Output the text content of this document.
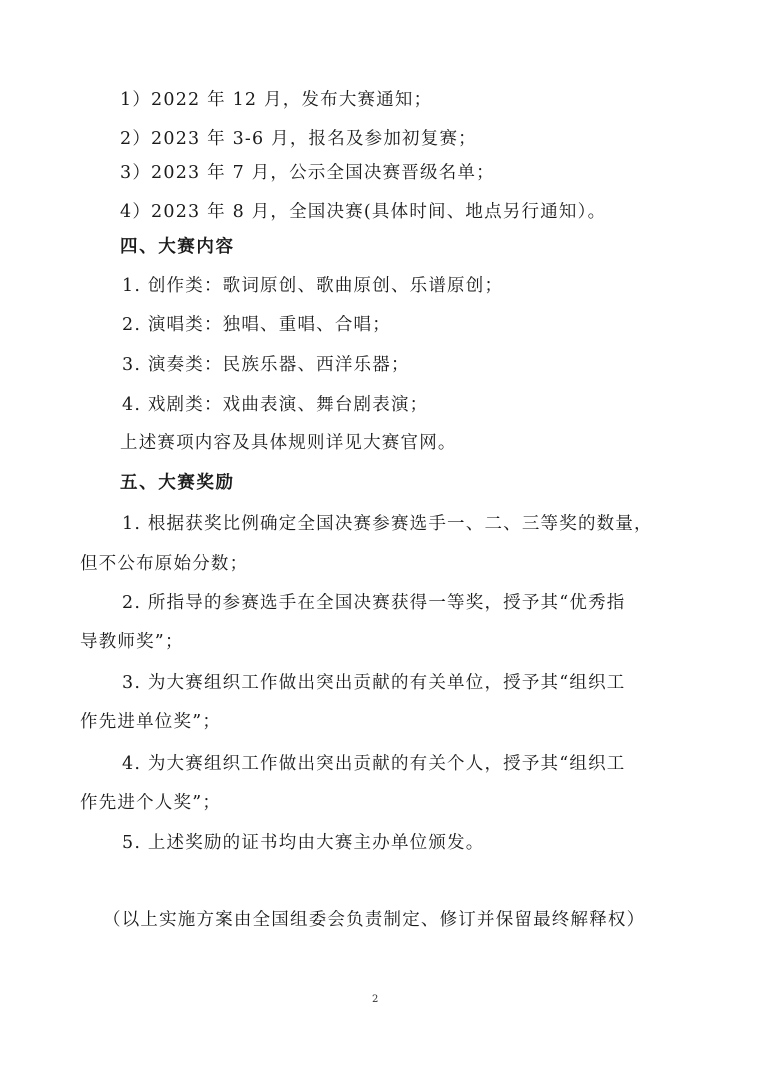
1）2022 年 12 月，发布大赛通知；
2）2023 年 3-6 月，报名及参加初复赛；
3）2023 年 7 月，公示全国决赛晋级名单；
4）2023 年 8 月，全国决赛(具体时间、地点另行通知）。
四、大赛内容
1. 创作类：歌词原创、歌曲原创、乐谱原创；
2. 演唱类：独唱、重唱、合唱；
3. 演奏类：民族乐器、西洋乐器；
4. 戏剧类：戏曲表演、舞台剧表演；
上述赛项内容及具体规则详见大赛官网。
五、大赛奖励
1. 根据获奖比例确定全国决赛参赛选手一、二、三等奖的数量，
但不公布原始分数；
2. 所指导的参赛选手在全国决赛获得一等奖，授予其“优秀指
导教师奖”；
3. 为大赛组织工作做出突出贡献的有关单位，授予其“组织工
作先进单位奖”；
4. 为大赛组织工作做出突出贡献的有关个人，授予其“组织工
作先进个人奖”；
5. 上述奖励的证书均由大赛主办单位颁发。
（以上实施方案由全国组委会负责制定、修订并保留最终解释权）
2
